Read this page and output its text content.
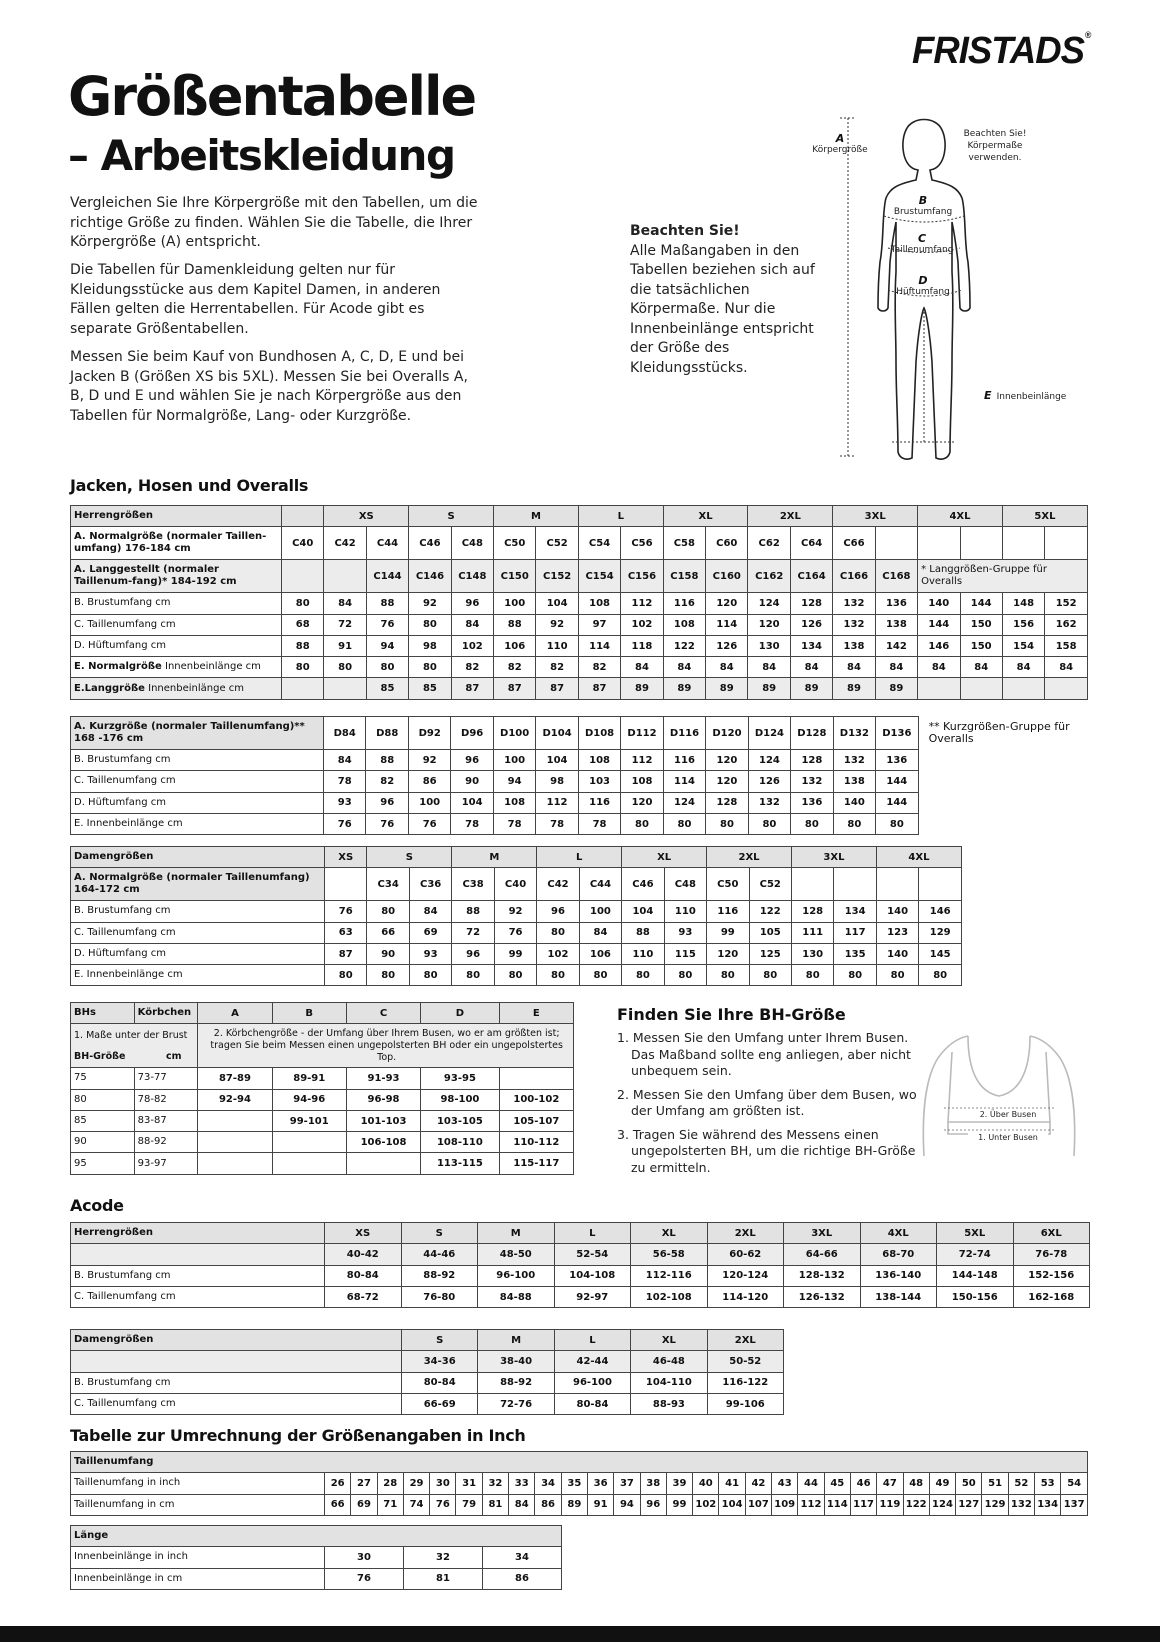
FRISTADS®
Größentabelle
– Arbeitskleidung

Vergleichen Sie Ihre Körpergröße mit den Tabellen, um die richtige Größe zu finden. Wählen Sie die Tabelle, die Ihrer Körpergröße (A) entspricht.

Die Tabellen für Damenkleidung gelten nur für Kleidungsstücke aus dem Kapitel Damen, in anderen Fällen gelten die Herrentabellen. Für Acode gibt es separate Größentabellen.

Messen Sie beim Kauf von Bundhosen A, C, D, E und bei Jacken B (Größen XS bis 5XL). Messen Sie bei Overalls A, B, D und E und wählen Sie je nach Körpergröße aus den Tabellen für Normalgröße, Lang- oder Kurzgröße.

Beachten Sie!
Alle Maßangaben in den Tabellen beziehen sich auf die tatsächlichen Körpermaße. Nur die Innenbeinlänge entspricht der Größe des Kleidungsstücks.
Beachten Sie!
Körpermaße
verwenden.
A
Körpergröße
B
Brustumfang
C
Taillenumfang
D
Hüftumfang
E Innenbeinlänge
Jacken, Hosen und Overalls
Herrengrößen		XS		S		M		L		XL		2XL		3XL		4XL		5XL	
A. Normalgröße (normaler Taillen-umfang) 176-184 cm	C40	C42	C44	C46	C48	C50	C52	C54	C56	C58	C60	C62	C64	C66					
A. Langgestellt (normaler Taillenum-fang)* 184-192 cm			C144	C146	C148	C150	C152	C154	C156	C158	C160	C162	C164	C166	C168	* Langgrößen-Gruppe für Overalls			
B. Brustumfang cm	80	84	88	92	96	100	104	108	112	116	120	124	128	132	136	140	144	148	152
C. Taillenumfang cm	68	72	76	80	84	88	92	97	102	108	114	120	126	132	138	144	150	156	162
D. Hüftumfang cm	88	91	94	98	102	106	110	114	118	122	126	130	134	138	142	146	150	154	158
E. Normalgröße Innenbeinlänge cm	80	80	80	80	82	82	82	82	84	84	84	84	84	84	84	84	84	84	84
E.Langgröße Innenbeinlänge cm			85	85	87	87	87	87	89	89	89	89	89	89	89				
A. Kurzgröße (normaler Taillenumfang)** 168 -176 cm	D84	D88	D92	D96	D100	D104	D108	D112	D116	D120	D124	D128	D132	D136	** Kurzgrößen-Gruppe für Overalls
B. Brustumfang cm	84	88	92	96	100	104	108	112	116	120	124	128	132	136	
C. Taillenumfang cm	78	82	86	90	94	98	103	108	114	120	126	132	138	144	
D. Hüftumfang cm	93	96	100	104	108	112	116	120	124	128	132	136	140	144	
E. Innenbeinlänge cm	76	76	76	78	78	78	78	80	80	80	80	80	80	80	
Damengrößen	XS	S		M		L		XL		2XL		3XL		4XL	
A. Normalgröße (normaler Taillenumfang) 164-172 cm		C34	C36	C38	C40	C42	C44	C46	C48	C50	C52				
B. Brustumfang cm	76	80	84	88	92	96	100	104	110	116	122	128	134	140	146
C. Taillenumfang cm	63	66	69	72	76	80	84	88	93	99	105	111	117	123	129
D. Hüftumfang cm	87	90	93	96	99	102	106	110	115	120	125	130	135	140	145
E. Innenbeinlänge cm	80	80	80	80	80	80	80	80	80	80	80	80	80	80	80
BHs	Körbchen	A	B	C	D	E

1. Maße unter der Brust
BH-Größe cm		2. Körbchengröße - der Umfang über Ihrem Busen, wo er am größten ist; tragen Sie beim Messen einen ungepolsterten BH oder ein ungepolstertes Top.				
75	73-77	87-89	89-91	91-93	93-95	
80	78-82	92-94	94-96	96-98	98-100	100-102
85	83-87		99-101	101-103	103-105	105-107
90	88-92			106-108	108-110	110-112
95	93-97				113-115	115-117
Finden Sie Ihre BH-Größe
1. Messen Sie den Umfang unter Ihrem Busen. Das Maßband sollte eng anliegen, aber nicht unbequem sein.
2. Messen Sie den Umfang über dem Busen, wo der Umfang am größten ist.
3. Tragen Sie während des Messens einen ungepolsterten BH, um die richtige BH-Größe zu ermitteln.
2. Über Busen
1. Unter Busen
Acode
Herrengrößen	XS	S	M	L	XL	2XL	3XL	4XL	5XL	6XL
	40-42	44-46	48-50	52-54	56-58	60-62	64-66	68-70	72-74	76-78
B. Brustumfang cm	80-84	88-92	96-100	104-108	112-116	120-124	128-132	136-140	144-148	152-156
C. Taillenumfang cm	68-72	76-80	84-88	92-97	102-108	114-120	126-132	138-144	150-156	162-168
Damengrößen	S	M	L	XL	2XL
	34-36	38-40	42-44	46-48	50-52
B. Brustumfang cm	80-84	88-92	96-100	104-110	116-122
C. Taillenumfang cm	66-69	72-76	80-84	88-93	99-106
Tabelle zur Umrechnung der Größenangaben in Inch
Taillenumfang																													
Taillenumfang in inch	26	27	28	29	30	31	32	33	34	35	36	37	38	39	40	41	42	43	44	45	46	47	48	49	50	51	52	53	54
Taillenumfang in cm	66	69	71	74	76	79	81	84	86	89	91	94	96	99	102	104	107	109	112	114	117	119	122	124	127	129	132	134	137
Länge			
Innenbeinlänge in inch	30	32	34
Innenbeinlänge in cm	76	81	86
